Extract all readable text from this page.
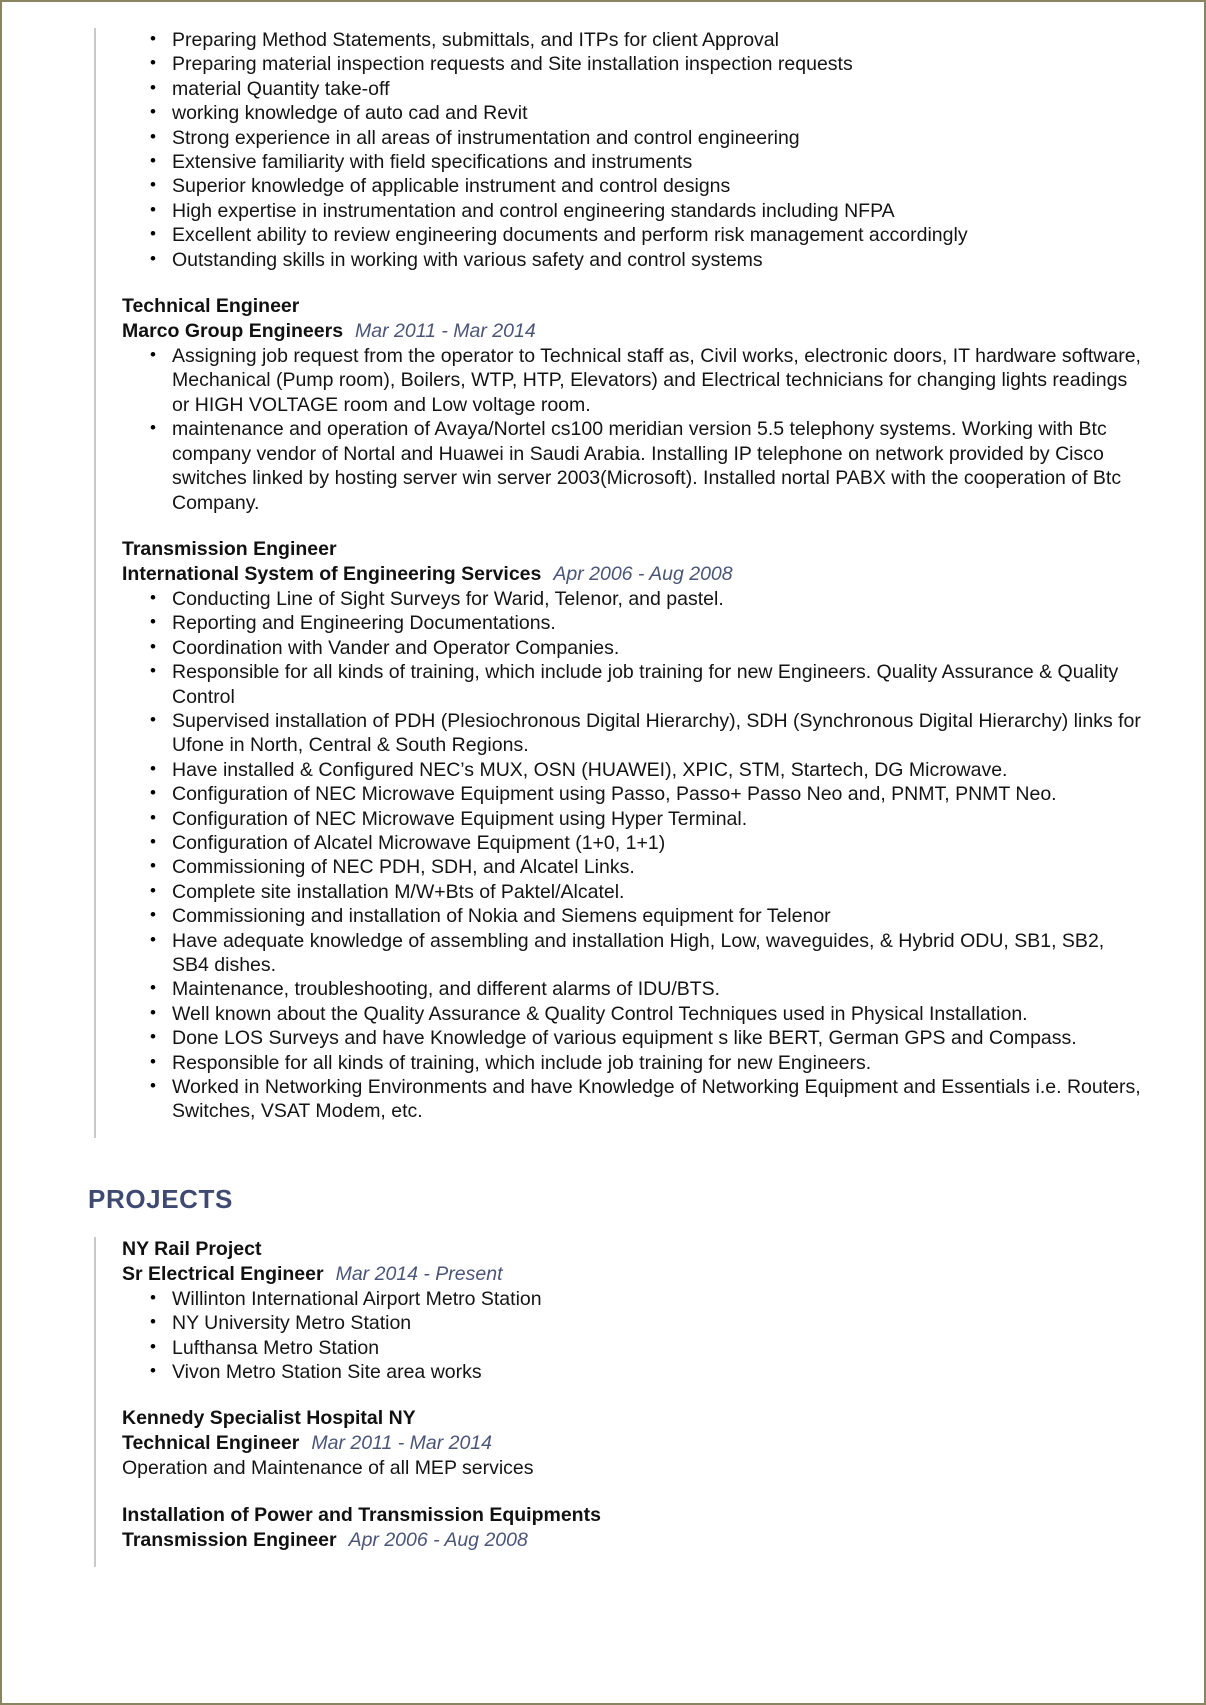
• Preparing Method Statements, submittals, and ITPs for client Approval
• Preparing material inspection requests and Site installation inspection requests
• material Quantity take-off
• working knowledge of auto cad and Revit
• Strong experience in all areas of instrumentation and control engineering
• Extensive familiarity with field specifications and instruments
• Superior knowledge of applicable instrument and control designs
• High expertise in instrumentation and control engineering standards including NFPA
• Excellent ability to review engineering documents and perform risk management accordingly
• Outstanding skills in working with various safety and control systems
Technical Engineer
Marco Group Engineers Mar 2011 - Mar 2014
• Assigning job request from the operator to Technical staff as, Civil works, electronic doors, IT hardware software, Mechanical (Pump room), Boilers, WTP, HTP, Elevators) and Electrical technicians for changing lights readings or HIGH VOLTAGE room and Low voltage room.
• maintenance and operation of Avaya/Nortel cs100 meridian version 5.5 telephony systems. Working with Btc company vendor of Nortal and Huawei in Saudi Arabia. Installing IP telephone on network provided by Cisco switches linked by hosting server win server 2003(Microsoft). Installed nortal PABX with the cooperation of Btc Company.
Transmission Engineer
International System of Engineering Services Apr 2006 - Aug 2008
• Conducting Line of Sight Surveys for Warid, Telenor, and pastel.
• Reporting and Engineering Documentations.
• Coordination with Vander and Operator Companies.
• Responsible for all kinds of training, which include job training for new Engineers. Quality Assurance & Quality Control
• Supervised installation of PDH (Plesiochronous Digital Hierarchy), SDH (Synchronous Digital Hierarchy) links for Ufone in North, Central & South Regions.
• Have installed & Configured NEC’s MUX, OSN (HUAWEI), XPIC, STM, Startech, DG Microwave.
• Configuration of NEC Microwave Equipment using Passo, Passo+ Passo Neo and, PNMT, PNMT Neo.
• Configuration of NEC Microwave Equipment using Hyper Terminal.
• Configuration of Alcatel Microwave Equipment (1+0, 1+1)
• Commissioning of NEC PDH, SDH, and Alcatel Links.
• Complete site installation M/W+Bts of Paktel/Alcatel.
• Commissioning and installation of Nokia and Siemens equipment for Telenor
• Have adequate knowledge of assembling and installation High, Low, waveguides, & Hybrid ODU, SB1, SB2, SB4 dishes.
• Maintenance, troubleshooting, and different alarms of IDU/BTS.
• Well known about the Quality Assurance & Quality Control Techniques used in Physical Installation.
• Done LOS Surveys and have Knowledge of various equipment s like BERT, German GPS and Compass.
• Responsible for all kinds of training, which include job training for new Engineers.
• Worked in Networking Environments and have Knowledge of Networking Equipment and Essentials i.e. Routers, Switches, VSAT Modem, etc.
PROJECTS
NY Rail Project
Sr Electrical Engineer Mar 2014 - Present
• Willinton International Airport Metro Station
• NY University Metro Station
• Lufthansa Metro Station
• Vivon Metro Station Site area works
Kennedy Specialist Hospital NY
Technical Engineer Mar 2011 - Mar 2014
Operation and Maintenance of all MEP services
Installation of Power and Transmission Equipments
Transmission Engineer Apr 2006 - Aug 2008
